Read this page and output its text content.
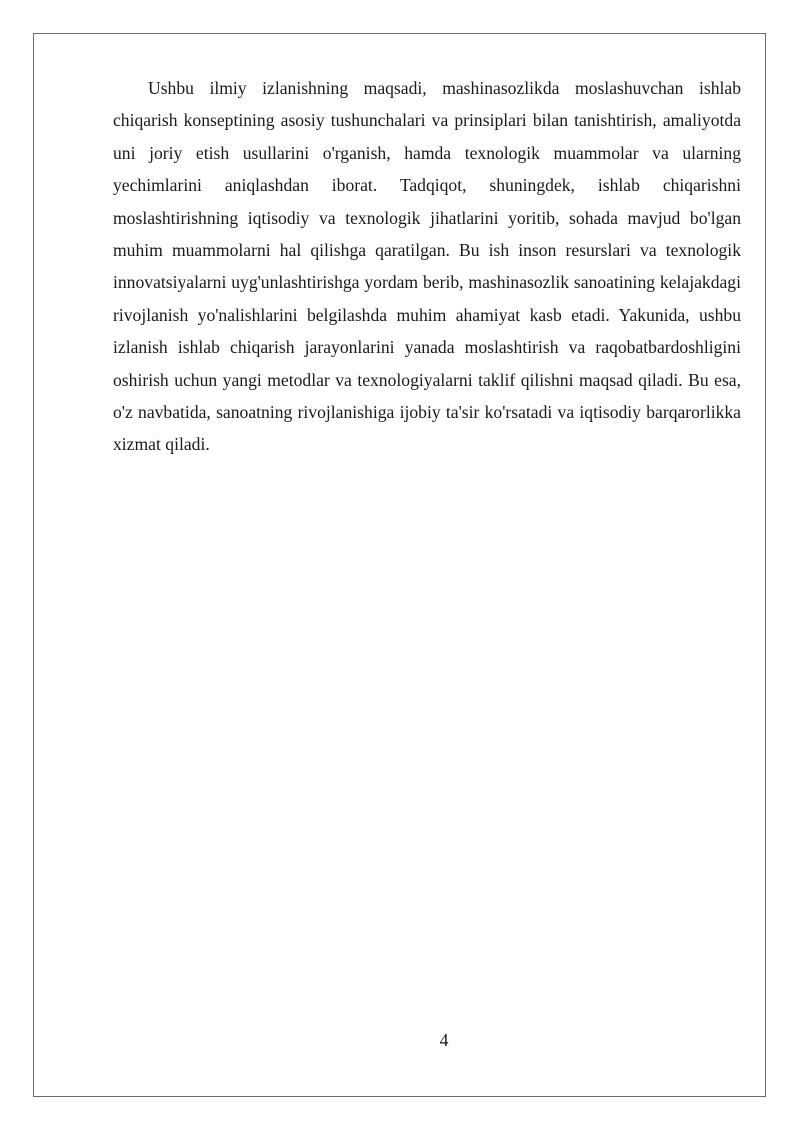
Ushbu ilmiy izlanishning maqsadi, mashinasozlikda moslashuvchan ishlab chiqarish konseptining asosiy tushunchalari va prinsiplari bilan tanishtirish, amaliyotda uni joriy etish usullarini o'rganish, hamda texnologik muammolar va ularning yechimlarini aniqlashdan iborat. Tadqiqot, shuningdek, ishlab chiqarishni moslashtirishning iqtisodiy va texnologik jihatlarini yoritib, sohada mavjud bo'lgan muhim muammolarni hal qilishga qaratilgan. Bu ish inson resurslari va texnologik innovatsiyalarni uyg'unlashtirishga yordam berib, mashinasozlik sanoatining kelajakdagi rivojlanish yo'nalishlarini belgilashda muhim ahamiyat kasb etadi. Yakunida, ushbu izlanish ishlab chiqarish jarayonlarini yanada moslashtirish va raqobatbardoshligini oshirish uchun yangi metodlar va texnologiyalarni taklif qilishni maqsad qiladi. Bu esa, o'z navbatida, sanoatning rivojlanishiga ijobiy ta'sir ko'rsatadi va iqtisodiy barqarorlikka xizmat qiladi.

4
